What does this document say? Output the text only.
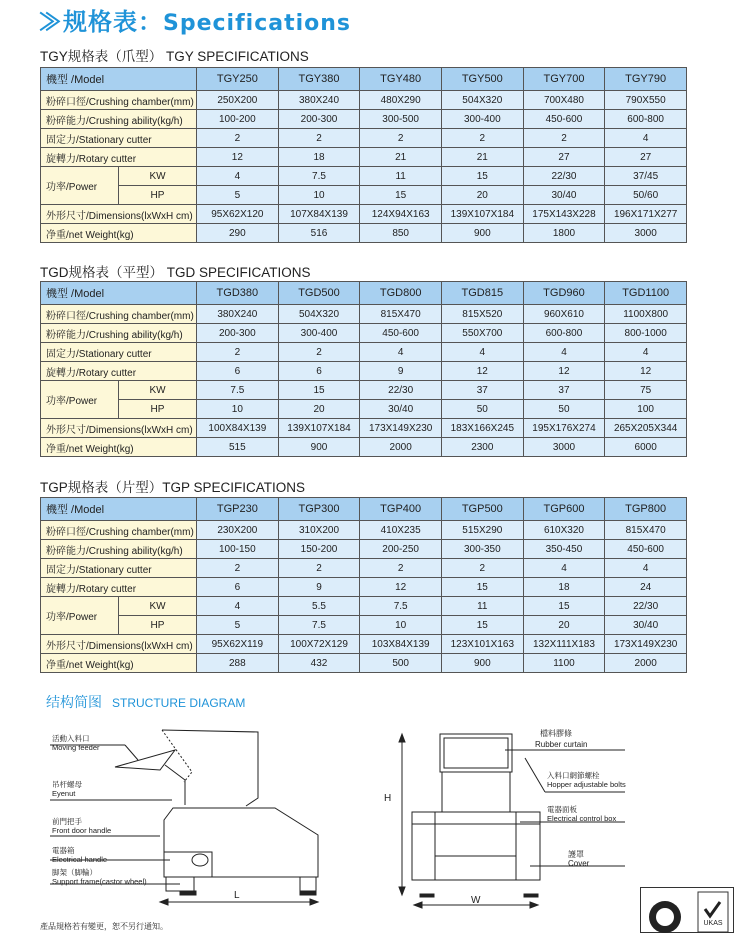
≫规格表：Specifications
TGY规格表（爪型） TGY SPECIFICATIONS
機型 /Model		TGY250	TGY380	TGY480	TGY500	TGY700	TGY790
粉碎口徑/Crushing chamber(mm)		250X200	380X240	480X290	504X320	700X480	790X550
粉碎能力/Crushing ability(kg/h)		100-200	200-300	300-500	300-400	450-600	600-800
固定力/Stationary cutter		2	2	2	2	2	4
旋轉力/Rotary cutter		12	18	21	21	27	27
功率/Power	KW	4	7.5	11	15	22/30	37/45
	HP	5	10	15	20	30/40	50/60
外形尺寸/Dimensions(lxWxH cm)		95X62X120	107X84X139	124X94X163	139X107X184	175X143X228	196X171X277
净重/net Weight(kg)		290	516	850	900	1800	3000
TGD规格表（平型） TGD SPECIFICATIONS
機型 /Model		TGD380	TGD500	TGD800	TGD815	TGD960	TGD1100
粉碎口徑/Crushing chamber(mm)		380X240	504X320	815X470	815X520	960X610	1100X800
粉碎能力/Crushing ability(kg/h)		200-300	300-400	450-600	550X700	600-800	800-1000
固定力/Stationary cutter		2	2	4	4	4	4
旋轉力/Rotary cutter		6	6	9	12	12	12
功率/Power	KW	7.5	15	22/30	37	37	75
	HP	10	20	30/40	50	50	100
外形尺寸/Dimensions(lxWxH cm)		100X84X139	139X107X184	173X149X230	183X166X245	195X176X274	265X205X344
净重/net Weight(kg)		515	900	2000	2300	3000	6000
TGP规格表（片型）TGP SPECIFICATIONS
機型 /Model		TGP230	TGP300	TGP400	TGP500	TGP600	TGP800
粉碎口徑/Crushing chamber(mm)		230X200	310X200	410X235	515X290	610X320	815X470
粉碎能力/Crushing ability(kg/h)		100-150	150-200	200-250	300-350	350-450	450-600
固定力/Stationary cutter		2	2	2	2	4	4
旋轉力/Rotary cutter		6	9	12	15	18	24
功率/Power	KW	4	5.5	7.5	11	15	22/30
	HP	5	7.5	10	15	20	30/40
外形尺寸/Dimensions(lxWxH cm)		95X62X119	100X72X129	103X84X139	123X101X163	132X111X183	173X149X230
净重/net Weight(kg)		288	432	500	900	1100	2000
结构简图 STRUCTURE DIAGRAM
活動入料口
Moving feeder
吊杆螺母
Eyenut
前門把手
Front door handle
電器箱
Electrical handle
脚架（脚輪）
Support frame(castor wheel)
L
檔料膠條
Rubber curtain
入料口網節螺栓
Hopper adjustable bolts
電器面板
Electrical control box
護罩
Cover
H
W
UKAS
產品規格若有變更，恕不另行通知。
